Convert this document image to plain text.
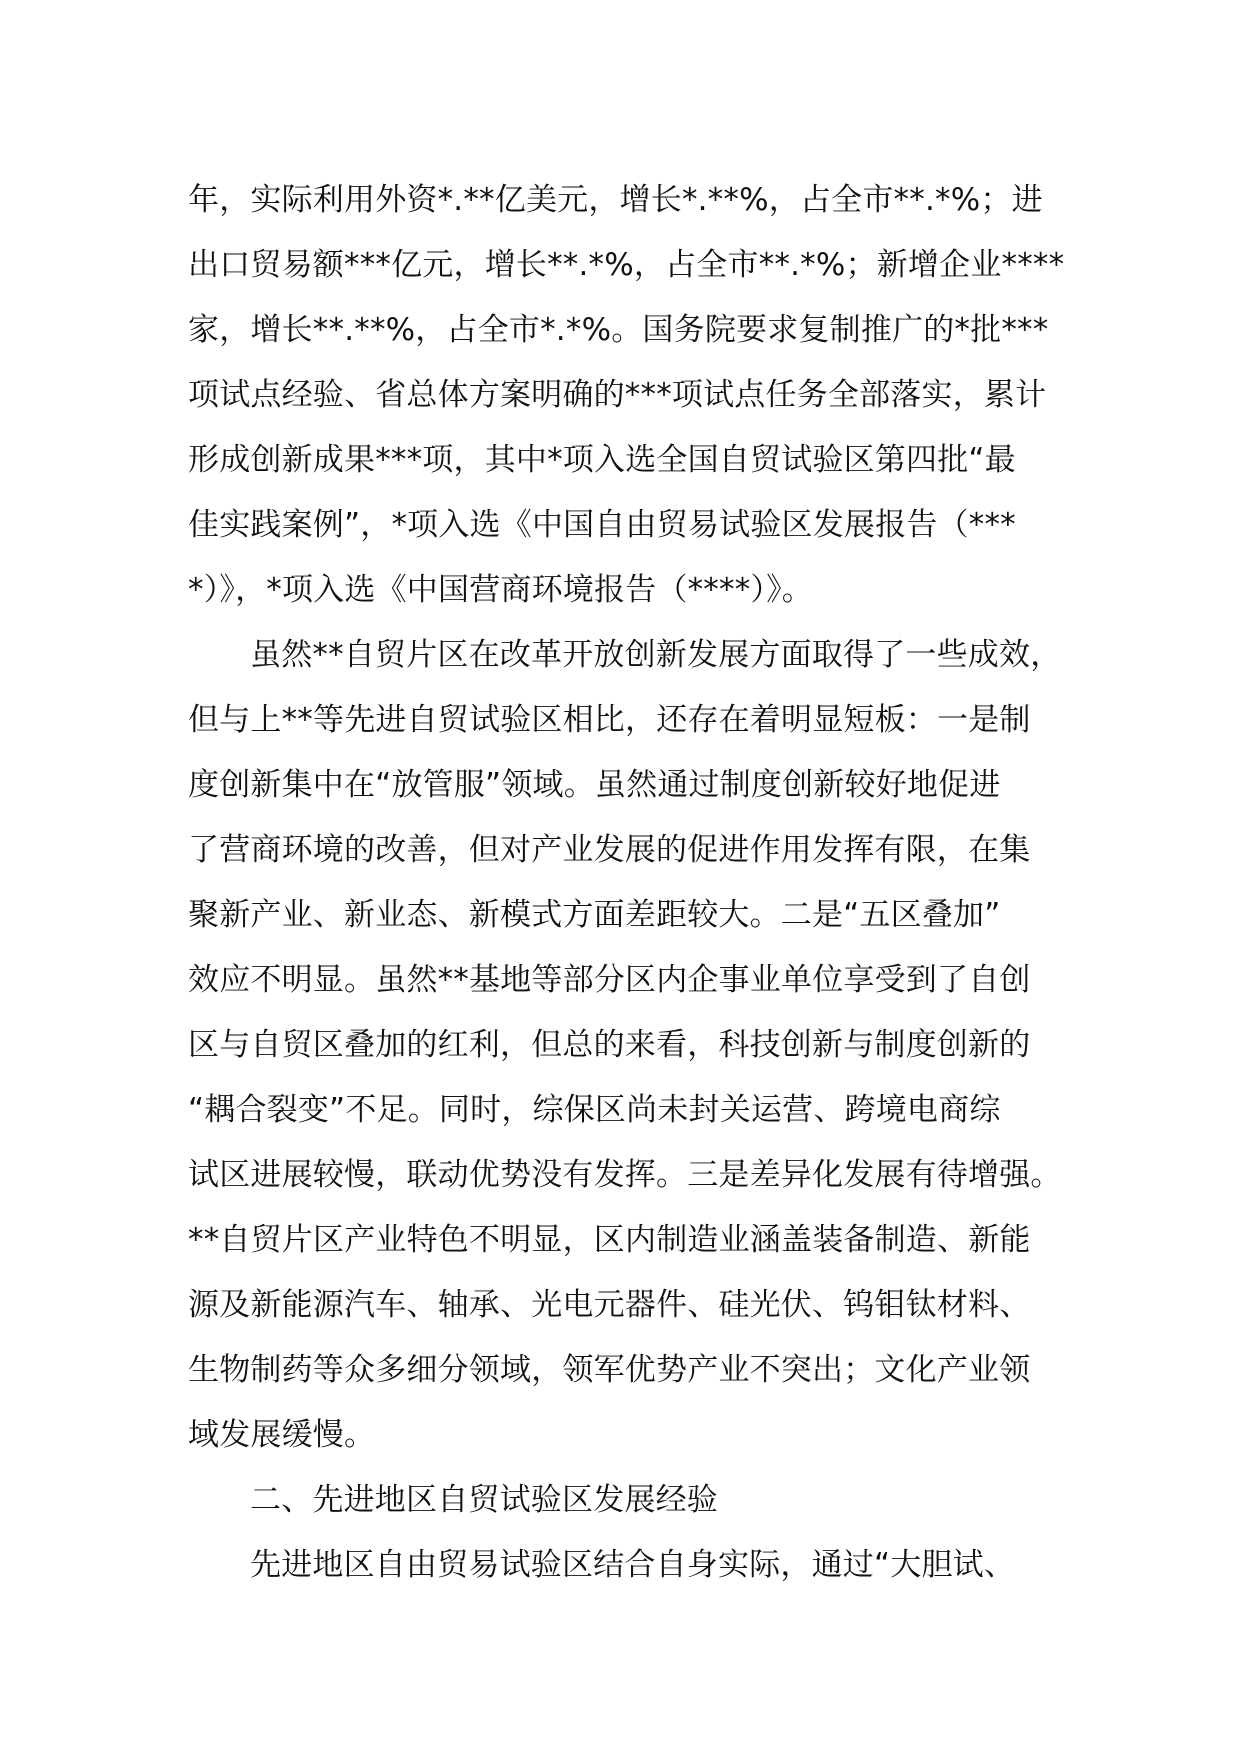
年，实际利用外资*.**亿美元，增长*.**%，占全市**.*%；进
出口贸易额***亿元，增长**.*%，占全市**.*%；新增企业****
家，增长**.**%，占全市*.*%。国务院要求复制推广的*批***
项试点经验、省总体方案明确的***项试点任务全部落实，累计
形成创新成果***项，其中*项入选全国自贸试验区第四批“最
佳实践案例”，*项入选《中国自由贸易试验区发展报告（***
*）》，*项入选《中国营商环境报告（****）》。
虽然**自贸片区在改革开放创新发展方面取得了一些成效，
但与上**等先进自贸试验区相比，还存在着明显短板：一是制
度创新集中在“放管服”领域。虽然通过制度创新较好地促进
了营商环境的改善，但对产业发展的促进作用发挥有限，在集
聚新产业、新业态、新模式方面差距较大。二是“五区叠加”
效应不明显。虽然**基地等部分区内企事业单位享受到了自创
区与自贸区叠加的红利，但总的来看，科技创新与制度创新的
“耦合裂变”不足。同时，综保区尚未封关运营、跨境电商综
试区进展较慢，联动优势没有发挥。三是差异化发展有待增强。
**自贸片区产业特色不明显，区内制造业涵盖装备制造、新能
源及新能源汽车、轴承、光电元器件、硅光伏、钨钼钛材料、
生物制药等众多细分领域，领军优势产业不突出；文化产业领
域发展缓慢。
二、先进地区自贸试验区发展经验
先进地区自由贸易试验区结合自身实际，通过“大胆试、
